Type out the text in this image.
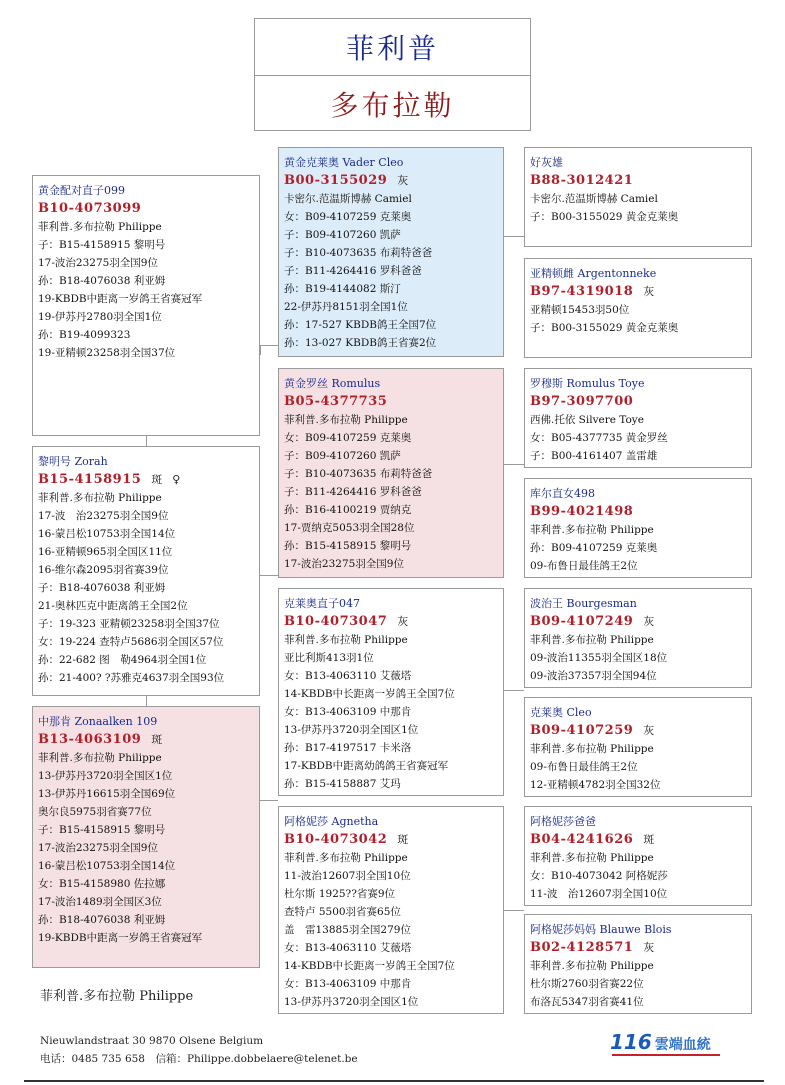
菲利普
多布拉勒
黄金配对直子099
B10-4073099
菲利普.多布拉勒 Philippe
子：B15-4158915 黎明号
17-波治23275羽全国9位
孙：B18-4076038 利亚姆
19-KBDB中距离一岁鸽王省赛冠军
19-伊苏丹2780羽全国1位
孙：B19-4099323
19-亚精顿23258羽全国37位
黎明号 Zorah
B15-4158915 斑 ♀
菲利普.多布拉勒 Philippe
17-波　治23275羽全国9位
16-蒙吕松10753羽全国14位
16-亚精顿965羽全国区11位
16-维尔森2095羽省赛39位
子：B18-4076038 利亚姆
21-奥林匹克中距离鸽王全国2位
子：19-323 亚精顿23258羽全国37位
女：19-224 查特卢5686羽全国区57位
孙：22-682 图　勒4964羽全国1位
孙：21-400? ?苏雅克4637羽全国93位
中那肯 Zonaalken 109
B13-4063109 斑
菲利普.多布拉勒 Philippe
13-伊苏丹3720羽全国区1位
13-伊苏丹16615羽全国69位
奥尔良5975羽省赛77位
子：B15-4158915 黎明号
17-波治23275羽全国9位
16-蒙吕松10753羽全国14位
女：B15-4158980 佐拉娜
17-波治1489羽全国区3位
孙：B18-4076038 利亚姆
19-KBDB中距离一岁鸽王省赛冠军
黄金克莱奥 Vader Cleo
B00-3155029 灰
卡密尔.范温斯博赫 Camiel
女：B09-4107259 克莱奥
子：B09-4107260 凯萨
子：B10-4073635 布莉特爸爸
子：B11-4264416 罗科爸爸
孙：B19-4144082 斯汀
22-伊苏丹8151羽全国1位
孙：17-527 KBDB鸽王全国7位
孙：13-027 KBDB鸽王省赛2位
黄金罗丝 Romulus
B05-4377735
菲利普.多布拉勒 Philippe
女：B09-4107259 克莱奥
子：B09-4107260 凯萨
子：B10-4073635 布莉特爸爸
子：B11-4264416 罗科爸爸
孙：B16-4100219 贾纳克
17-贾纳克5053羽全国28位
孙：B15-4158915 黎明号
17-波治23275羽全国9位
克莱奥直子047
B10-4073047 灰
菲利普.多布拉勒 Philippe
亚比利斯413羽1位
女：B13-4063110 艾薇塔
14-KBDB中长距离一岁鸽王全国7位
女：B13-4063109 中那肯
13-伊苏丹3720羽全国区1位
孙：B17-4197517 卡米洛
17-KBDB中距离幼鸽鸽王省赛冠军
孙：B15-4158887 艾玛
阿格妮莎 Agnetha
B10-4073042 斑
菲利普.多布拉勒 Philippe
11-波治12607羽全国10位
杜尔斯 1925??省赛9位
查特卢 5500羽省赛65位
盖　雷13885羽全国279位
女：B13-4063110 艾薇塔
14-KBDB中长距离一岁鸽王全国7位
女：B13-4063109 中那肯
13-伊苏丹3720羽全国区1位
好灰雄
B88-3012421
卡密尔.范温斯博赫 Camiel
子：B00-3155029 黄金克莱奥
亚精顿雌 Argentonneke
B97-4319018 灰
亚精顿15453羽50位
子：B00-3155029 黄金克莱奥
罗穆斯 Romulus Toye
B97-3097700
西佛.托依 Silvere Toye
女：B05-4377735 黄金罗丝
子：B00-4161407 盖雷雄
库尔直女498
B99-4021498
菲利普.多布拉勒 Philippe
孙：B09-4107259 克莱奥
09-布鲁日最佳鸽王2位
波治王 Bourgesman
B09-4107249 灰
菲利普.多布拉勒 Philippe
09-波治11355羽全国区18位
09-波治37357羽全国94位
克莱奥 Cleo
B09-4107259 灰
菲利普.多布拉勒 Philippe
09-布鲁日最佳鸽王2位
12-亚精顿4782羽全国32位
阿格妮莎爸爸
B04-4241626 斑
菲利普.多布拉勒 Philippe
女：B10-4073042 阿格妮莎
11-波　治12607羽全国10位
阿格妮莎妈妈 Blauwe Blois
B02-4128571 灰
菲利普.多布拉勒 Philippe
杜尔斯2760羽省赛22位
布洛瓦5347羽省赛41位
菲利普.多布拉勒 Philippe
Nieuwlandstraat 30 9870 Olsene Belgium
电话：0485 735 658　信箱：Philippe.dobbelaere@telenet.be
116 雲端血統
